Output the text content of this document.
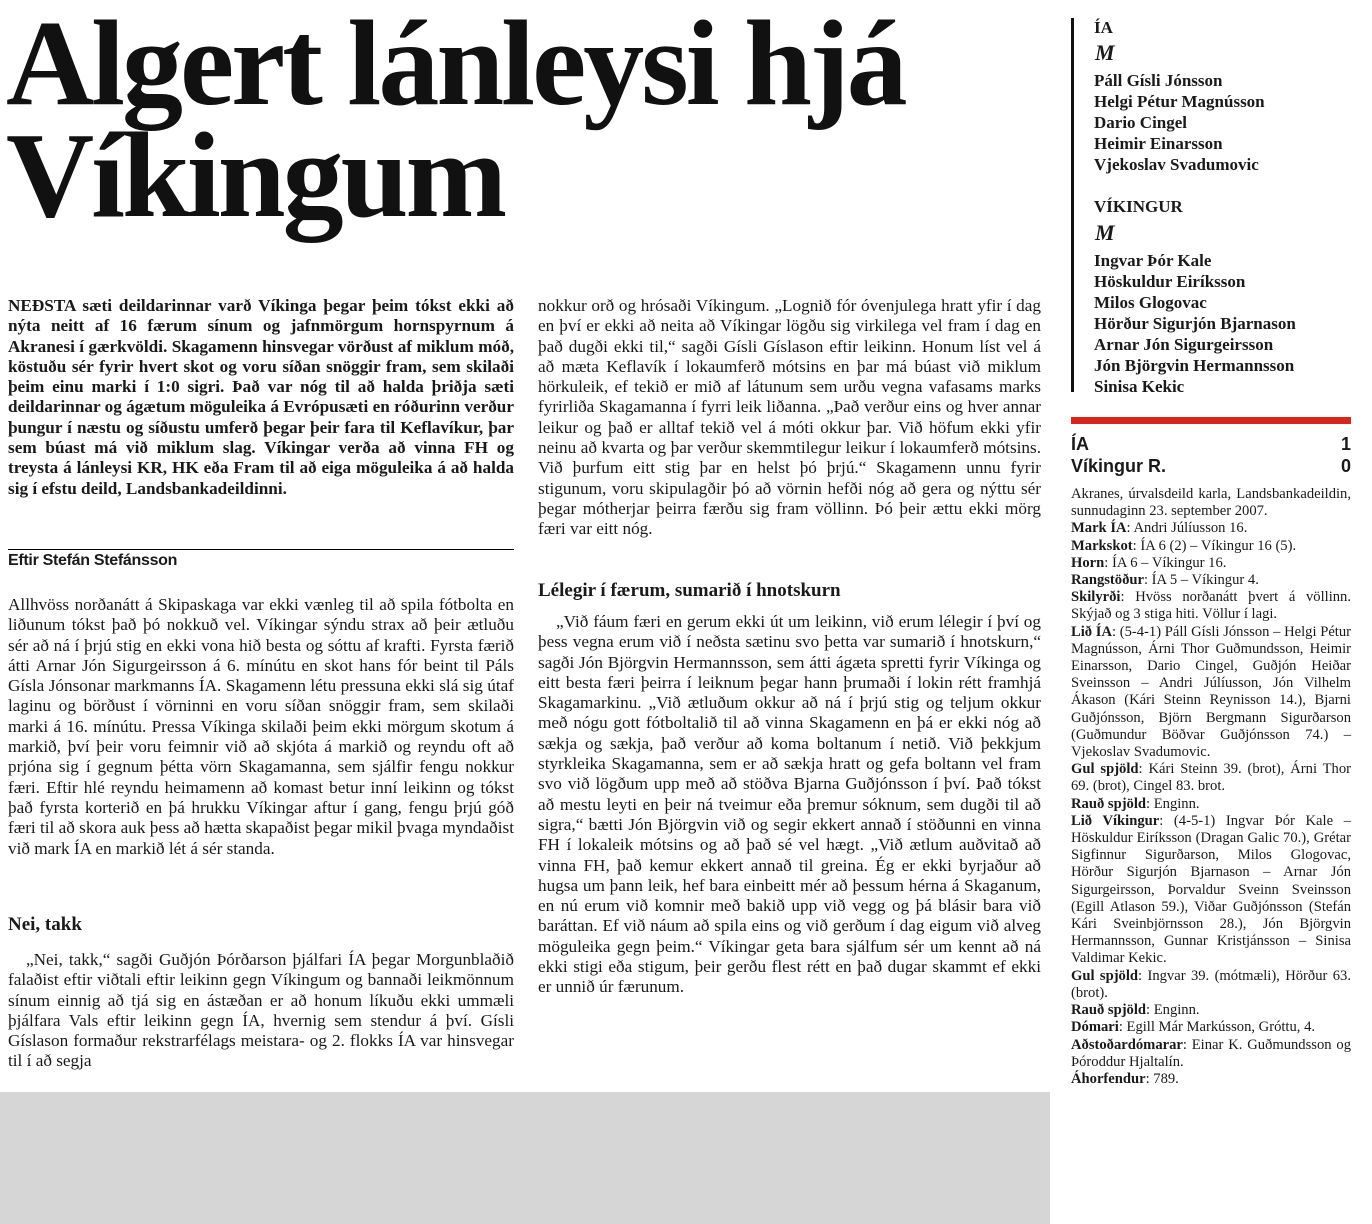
Algert lánleysi hjá Víkingum

NEÐSTA sæti deildarinnar varð Víkinga þegar þeim tókst ekki að nýta neitt af 16 færum sínum og jafnmörgum hornspyrnum á Akranesi í gærkvöldi. Skagamenn hinsvegar vörðust af miklum móð, köstuðu sér fyrir hvert skot og voru síðan snöggir fram, sem skilaði þeim einu marki í 1:0 sigri. Það var nóg til að halda þriðja sæti deildarinnar og ágætum möguleika á Evrópusæti en róðurinn verður þungur í næstu og síðustu umferð þegar þeir fara til Keflavíkur, þar sem búast má við miklum slag. Víkingar verða að vinna FH og treysta á lánleysi KR, HK eða Fram til að eiga möguleika á að halda sig í efstu deild, Landsbankadeildinni.

Eftir Stefán Stefánsson

Allhvöss norðanátt á Skipaskaga var ekki vænleg til að spila fótbolta en liðunum tókst það þó nokkuð vel. Víkingar sýndu strax að þeir ætluðu sér að ná í þrjú stig en ekki vona hið besta og sóttu af krafti. Fyrsta færið átti Arnar Jón Sigurgeirsson á 6. mínútu en skot hans fór beint til Páls Gísla Jónsonar markmanns ÍA. Skagamenn létu pressuna ekki slá sig útaf laginu og börðust í vörninni en voru síðan snöggir fram, sem skilaði marki á 16. mínútu. Pressa Víkinga skilaði þeim ekki mörgum skotum á markið, því þeir voru feimnir við að skjóta á markið og reyndu oft að prjóna sig í gegnum þétta vörn Skagamanna, sem sjálfir fengu nokkur færi. Eftir hlé reyndu heimamenn að komast betur inní leikinn og tókst það fyrsta korterið en þá hrukku Víkingar aftur í gang, fengu þrjú góð færi til að skora auk þess að hætta skapaðist þegar mikil þvaga myndaðist við mark ÍA en markið lét á sér standa.

Nei, takk

„Nei, takk,“ sagði Guðjón Þórðarson þjálfari ÍA þegar Morgunblaðið falaðist eftir viðtali eftir leikinn gegn Víkingum og bannaði leikmönnum sínum einnig að tjá sig en ástæðan er að honum líkuðu ekki ummæli þjálfara Vals eftir leikinn gegn ÍA, hvernig sem stendur á því. Gísli Gíslason formaður rekstrarfélags meistara- og 2. flokks ÍA var hinsvegar til í að segja

nokkur orð og hrósaði Víkingum. „Lognið fór óvenjulega hratt yfir í dag en því er ekki að neita að Víkingar lögðu sig virkilega vel fram í dag en það dugði ekki til,“ sagði Gísli Gíslason eftir leikinn. Honum líst vel á að mæta Keflavík í lokaumferð mótsins en þar má búast við miklum hörkuleik, ef tekið er mið af látunum sem urðu vegna vafasams marks fyrirliða Skagamanna í fyrri leik liðanna. „Það verður eins og hver annar leikur og það er alltaf tekið vel á móti okkur þar. Við höfum ekki yfir neinu að kvarta og þar verður skemmtilegur leikur í lokaumferð mótsins. Við þurfum eitt stig þar en helst þó þrjú.“ Skagamenn unnu fyrir stigunum, voru skipulagðir þó að vörnin hefði nóg að gera og nýttu sér þegar mótherjar þeirra færðu sig fram völlinn. Þó þeir ættu ekki mörg færi var eitt nóg.

Lélegir í færum, sumarið í hnotskurn

„Við fáum færi en gerum ekki út um leikinn, við erum lélegir í því og þess vegna erum við í neðsta sætinu svo þetta var sumarið í hnotskurn,“ sagði Jón Björgvin Hermannsson, sem átti ágæta spretti fyrir Víkinga og eitt besta færi þeirra í leiknum þegar hann þrumaði í lokin rétt framhjá Skagamarkinu. „Við ætluðum okkur að ná í þrjú stig og teljum okkur með nógu gott fótboltalið til að vinna Skagamenn en þá er ekki nóg að sækja og sækja, það verður að koma boltanum í netið. Við þekkjum styrkleika Skagamanna, sem er að sækja hratt og gefa boltann vel fram svo við lögðum upp með að stöðva Bjarna Guðjónsson í því. Það tókst að mestu leyti en þeir ná tveimur eða þremur sóknum, sem dugði til að sigra,“ bætti Jón Björgvin við og segir ekkert annað í stöðunni en vinna FH í lokaleik mótsins og að það sé vel hægt. „Við ætlum auðvitað að vinna FH, það kemur ekkert annað til greina. Ég er ekki byrjaður að hugsa um þann leik, hef bara einbeitt mér að þessum hérna á Skaganum, en nú erum við komnir með bakið upp við vegg og þá blásir bara við baráttan. Ef við náum að spila eins og við gerðum í dag eigum við alveg möguleika gegn þeim.“ Víkingar geta bara sjálfum sér um kennt að ná ekki stigi eða stigum, þeir gerðu flest rétt en það dugar skammt ef ekki er unnið úr færunum.

ÍA
M
Páll Gísli Jónsson
Helgi Pétur Magnússon
Dario Cingel
Heimir Einarsson
Vjekoslav Svadumovic
VÍKINGUR
M
Ingvar Þór Kale
Höskuldur Eiríksson
Milos Glogovac
Hörður Sigurjón Bjarnason
Arnar Jón Sigurgeirsson
Jón Björgvin Hermannsson
Sinisa Kekic
ÍA	1
Víkingur R.	0

Akranes, úrvalsdeild karla, Landsbankadeildin, sunnudaginn 23. september 2007.

Mark ÍA: Andri Júlíusson 16.

Markskot: ÍA 6 (2) – Víkingur 16 (5).

Horn: ÍA 6 – Víkingur 16.

Rangstöður: ÍA 5 – Víkingur 4.

Skilyrði: Hvöss norðanátt þvert á völlinn. Skýjað og 3 stiga hiti. Völlur í lagi.

Lið ÍA: (5-4-1) Páll Gísli Jónsson – Helgi Pétur Magnússon, Árni Thor Guðmundsson, Heimir Einarsson, Dario Cingel, Guðjón Heiðar Sveinsson – Andri Júlíusson, Jón Vilhelm Ákason (Kári Steinn Reynisson 14.), Bjarni Guðjónsson, Björn Bergmann Sigurðarson (Guðmundur Böðvar Guðjónsson 74.) – Vjekoslav Svadumovic.

Gul spjöld: Kári Steinn 39. (brot), Árni Thor 69. (brot), Cingel 83. brot.

Rauð spjöld: Enginn.

Lið Víkingur: (4-5-1) Ingvar Þór Kale – Höskuldur Eiríksson (Dragan Galic 70.), Grétar Sigfinnur Sigurðarson, Milos Glogovac, Hörður Sigurjón Bjarnason – Arnar Jón Sigurgeirsson, Þorvaldur Sveinn Sveinsson (Egill Atlason 59.), Viðar Guðjónsson (Stefán Kári Sveinbjörnsson 28.), Jón Björgvin Hermannsson, Gunnar Kristjánsson – Sinisa Valdimar Kekic.

Gul spjöld: Ingvar 39. (mótmæli), Hörður 63. (brot).

Rauð spjöld: Enginn.

Dómari: Egill Már Markússon, Gróttu, 4.

Aðstoðardómarar: Einar K. Guðmundsson og Þóroddur Hjaltalín.

Áhorfendur: 789.
